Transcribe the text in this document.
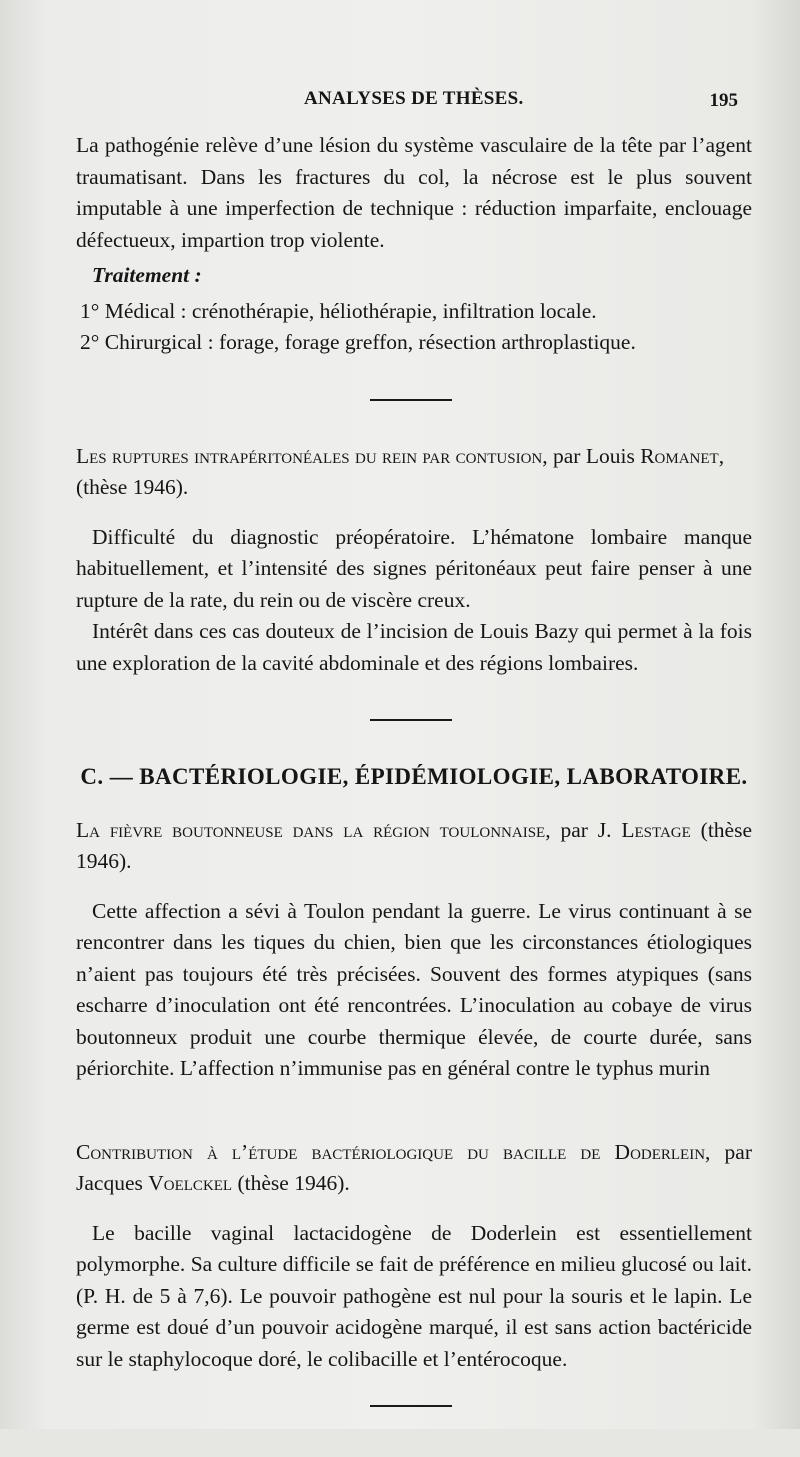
ANALYSES DE THÈSES.	195

La pathogénie relève d’une lésion du système vasculaire de la tête par l’agent traumatisant. Dans les fractures du col, la nécrose est le plus souvent imputable à une imperfection de technique : réduction imparfaite, enclouage défectueux, impartion trop violente.

Traitement :

1° Médical : crénothérapie, héliothérapie, infiltration locale.

2° Chirurgical : forage, forage greffon, résection arthroplastique.

Les ruptures intrapéritonéales du rein par contusion, par Louis Romanet,
(thèse 1946).

Difficulté du diagnostic préopératoire. L’hématone lombaire manque habituellement, et l’intensité des signes péritonéaux peut faire penser à une rupture de la rate, du rein ou de viscère creux.

Intérêt dans ces cas douteux de l’incision de Louis Bazy qui permet à la fois une exploration de la cavité abdominale et des régions lombaires.

C. — BACTÉRIOLOGIE, ÉPIDÉMIOLOGIE, LABORATOIRE.

La fièvre boutonneuse dans la région toulonnaise, par J. Lestage (thèse 1946).

Cette affection a sévi à Toulon pendant la guerre. Le virus continuant à se rencontrer dans les tiques du chien, bien que les circonstances étiologiques n’aient pas toujours été très précisées. Souvent des formes atypiques (sans escharre d’inoculation ont été rencontrées. L’inoculation au cobaye de virus boutonneux produit une courbe thermique élevée, de courte durée, sans périorchite. L’affection n’immunise pas en général contre le typhus murin

Contribution à l’étude bactériologique du bacille de Doderlein, par Jacques Voelckel (thèse 1946).

Le bacille vaginal lactacidogène de Doderlein est essentiellement polymorphe. Sa culture difficile se fait de préférence en milieu glucosé ou lait. (P. H. de 5 à 7,6). Le pouvoir pathogène est nul pour la souris et le lapin. Le germe est doué d’un pouvoir acidogène marqué, il est sans action bactéricide sur le staphylocoque doré, le colibacille et l’entérocoque.
